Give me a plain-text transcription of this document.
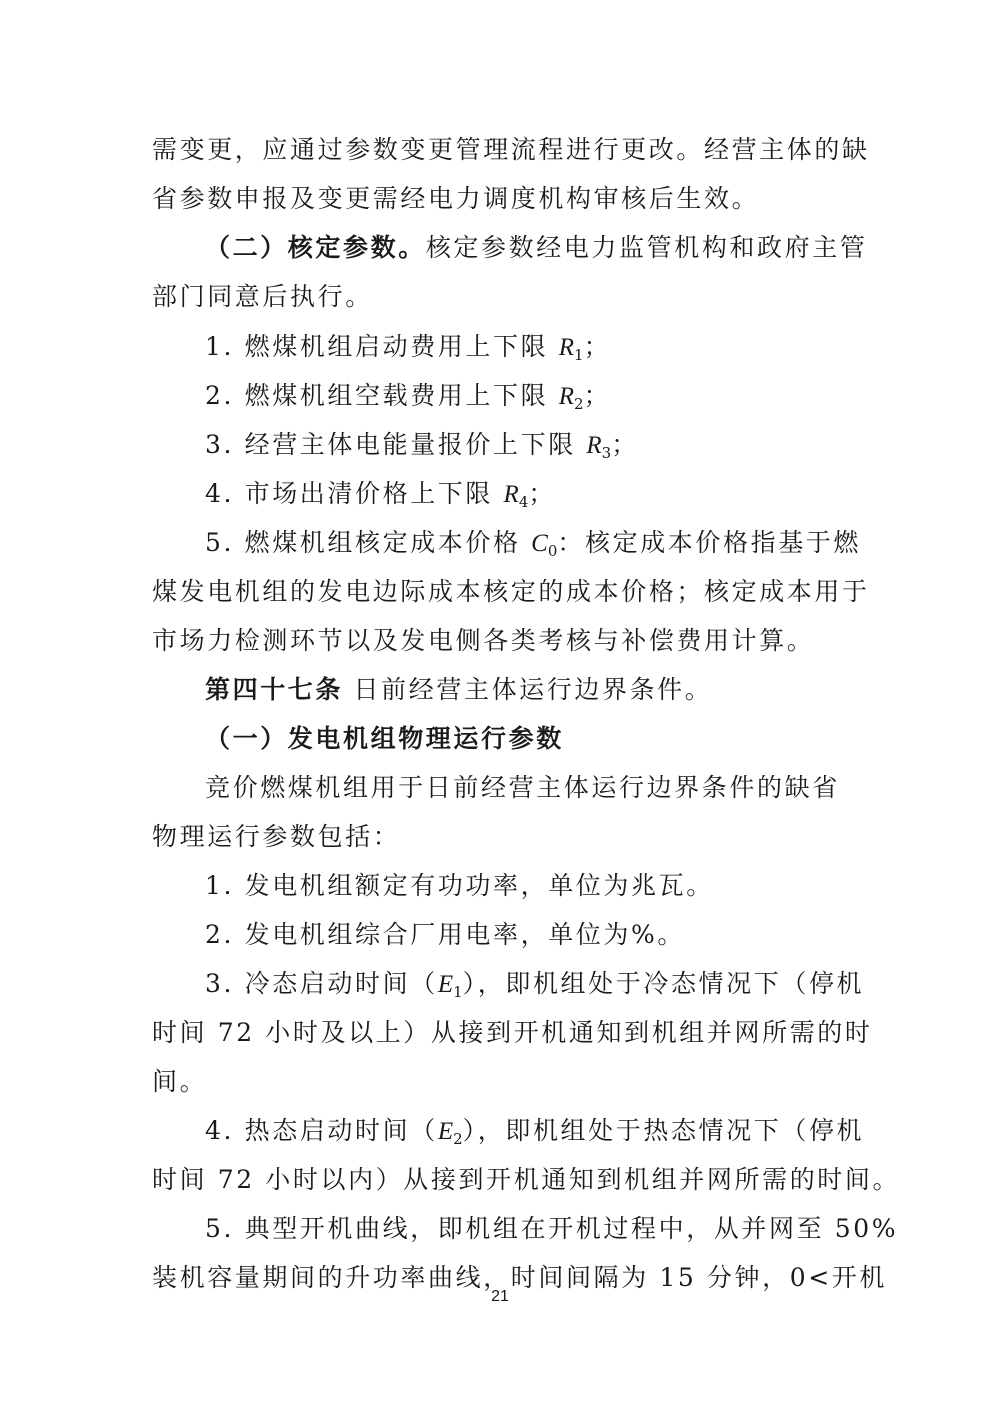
需变更，应通过参数变更管理流程进行更改。经营主体的缺
省参数申报及变更需经电力调度机构审核后生效。
（二）核定参数。核定参数经电力监管机构和政府主管
部门同意后执行。
1. 燃煤机组启动费用上下限 $R_1$；
2. 燃煤机组空载费用上下限 $R_2$；
3. 经营主体电能量报价上下限 $R_3$；
4. 市场出清价格上下限 $R_4$；
5. 燃煤机组核定成本价格 $C_0$：核定成本价格指基于燃
煤发电机组的发电边际成本核定的成本价格；核定成本用于
市场力检测环节以及发电侧各类考核与补偿费用计算。
第四十七条 日前经营主体运行边界条件。
（一）发电机组物理运行参数
竞价燃煤机组用于日前经营主体运行边界条件的缺省
物理运行参数包括：
1. 发电机组额定有功功率，单位为兆瓦。
2. 发电机组综合厂用电率，单位为%。
3. 冷态启动时间$(E_1)$，即机组处于冷态情况下（停机
时间 72 小时及以上）从接到开机通知到机组并网所需的时
间。
4. 热态启动时间$(E_2)$，即机组处于热态情况下（停机
时间 72 小时以内）从接到开机通知到机组并网所需的时间。
5. 典型开机曲线，即机组在开机过程中，从并网至 50%
装机容量期间的升功率曲线，时间间隔为 15 分钟，0<开机
21
